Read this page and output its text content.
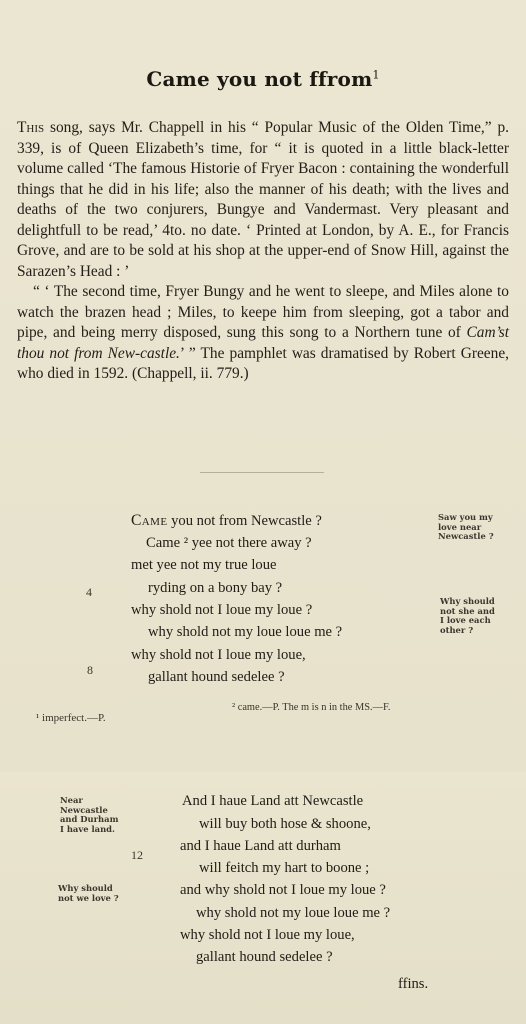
Came you not ffrom$^1$

This song, says Mr. Chappell in his “ Popular Music of the Olden Time,” p. 339, is of Queen Elizabeth’s time, for “ it is quoted in a little black-letter volume called ‘The famous Historie of Fryer Bacon : containing the wonderfull things that he did in his life; also the manner of his death; with the lives and deaths of the two conjurers, Bungye and Vandermast. Very pleasant and delightfull to be read,’ 4to. no date. ‘ Printed at London, by A. E., for Francis Grove, and are to be sold at his shop at the upper-end of Snow Hill, against the Sarazen’s Head : ’

“ ‘ The second time, Fryer Bungy and he went to sleepe, and Miles alone to watch the brazen head ; Miles, to keepe him from sleeping, got a tabor and pipe, and being merry disposed, sung this song to a Northern tune of Cam’st thou not from New-castle.’ ” The pamphlet was dramatised by Robert Greene, who died in 1592. (Chappell, ii. 779.)

Came you not from Newcastle ?
Came ² yee not there away ?
met yee not my true loue
ryding on a bony bay ?
why shold not I loue my loue ?
why shold not my loue loue me ?
why shold not I loue my loue,
gallant hound sedelee ?
4
8
Saw you my
love near
Newcastle ?
Why should
not she and
I love each
other ?
¹ imperfect.—P.
² came.—P. The m is n in the MS.—F.
Near
Newcastle
and Durham
I have land.
Why should
not we love ?
12
And I haue Land att Newcastle
will buy both hose & shoone,
and I haue Land att durham
will feitch my hart to boone ;
and why shold not I loue my loue ?
why shold not my loue loue me ?
why shold not I loue my loue,
gallant hound sedelee ?
ffins.
